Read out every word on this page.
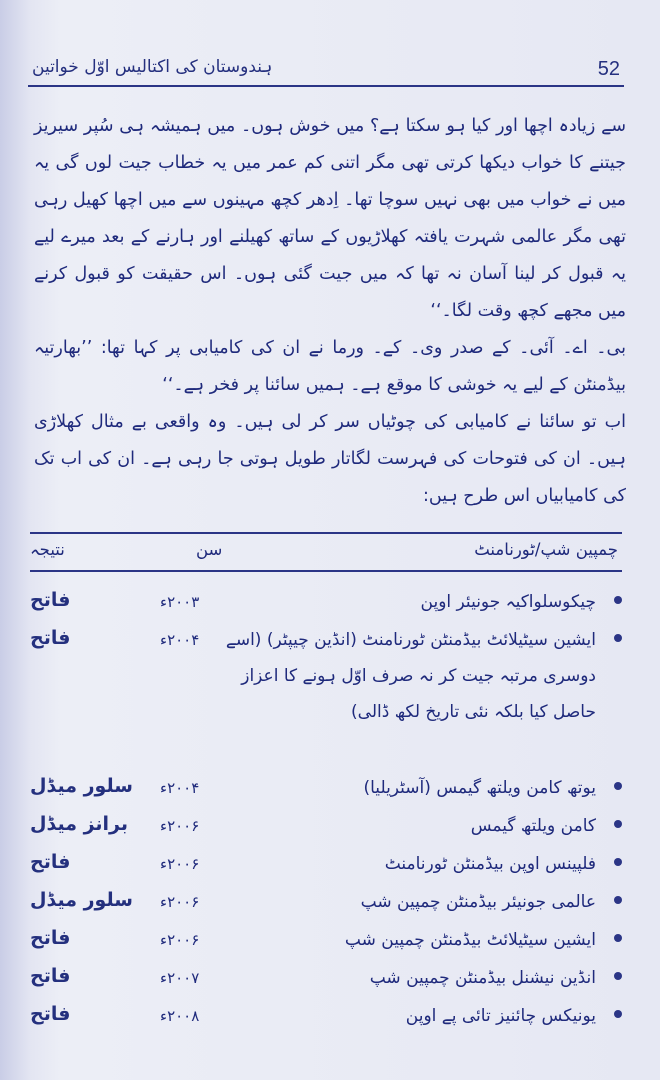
ہندوستان کی اکتالیس اوّل خواتین	52

سے زیادہ اچھا اور کیا ہو سکتا ہے؟ میں خوش ہوں۔ میں ہمیشہ ہی سُپر سیریز جیتنے کا خواب دیکھا کرتی تھی مگر اتنی کم عمر میں یہ خطاب جیت لوں گی یہ میں نے خواب میں بھی نہیں سوچا تھا۔ اِدھر کچھ مہینوں سے میں اچھا کھیل رہی تھی مگر عالمی شہرت یافتہ کھلاڑیوں کے ساتھ کھیلنے اور ہارنے کے بعد میرے لیے یہ قبول کر لینا آسان نہ تھا کہ میں جیت گئی ہوں۔ اس حقیقت کو قبول کرنے میں مجھے کچھ وقت لگا۔‘‘

بی۔ اے۔ آئی۔ کے صدر وی۔ کے۔ ورما نے ان کی کامیابی پر کہا تھا: ’’بھارتیہ بیڈمنٹن کے لیے یہ خوشی کا موقع ہے۔ ہمیں سائنا پر فخر ہے۔‘‘

اب تو سائنا نے کامیابی کی چوٹیاں سر کر لی ہیں۔ وہ واقعی بے مثال کھلاڑی ہیں۔ ان کی فتوحات کی فہرست لگاتار طویل ہوتی جا رہی ہے۔ ان کی اب تک کی کامیابیاں اس طرح ہیں:

چمپین شپ/ٹورنامنٹ
سن
نتیجہ
چیکوسلواکیہ جونیئر اوپن
۲۰۰۳ء
فاتح
ایشین سیٹیلائٹ بیڈمنٹن ٹورنامنٹ (انڈین چیپٹر) (اسے دوسری مرتبہ جیت کر نہ صرف اوّل ہونے کا اعزاز حاصل کیا بلکہ نئی تاریخ لکھ ڈالی)
۲۰۰۴ء
فاتح
یوتھ کامن ویلتھ گیمس (آسٹریلیا)
۲۰۰۴ء
سلور میڈل
کامن ویلتھ گیمس
۲۰۰۶ء
برانز میڈل
فلپینس اوپن بیڈمنٹن ٹورنامنٹ
۲۰۰۶ء
فاتح
عالمی جونیئر بیڈمنٹن چمپین شپ
۲۰۰۶ء
سلور میڈل
ایشین سیٹیلائٹ بیڈمنٹن چمپین شپ
۲۰۰۶ء
فاتح
انڈین نیشنل بیڈمنٹن چمپین شپ
۲۰۰۷ء
فاتح
یونیکس چائنیز تائی پے اوپن
۲۰۰۸ء
فاتح
